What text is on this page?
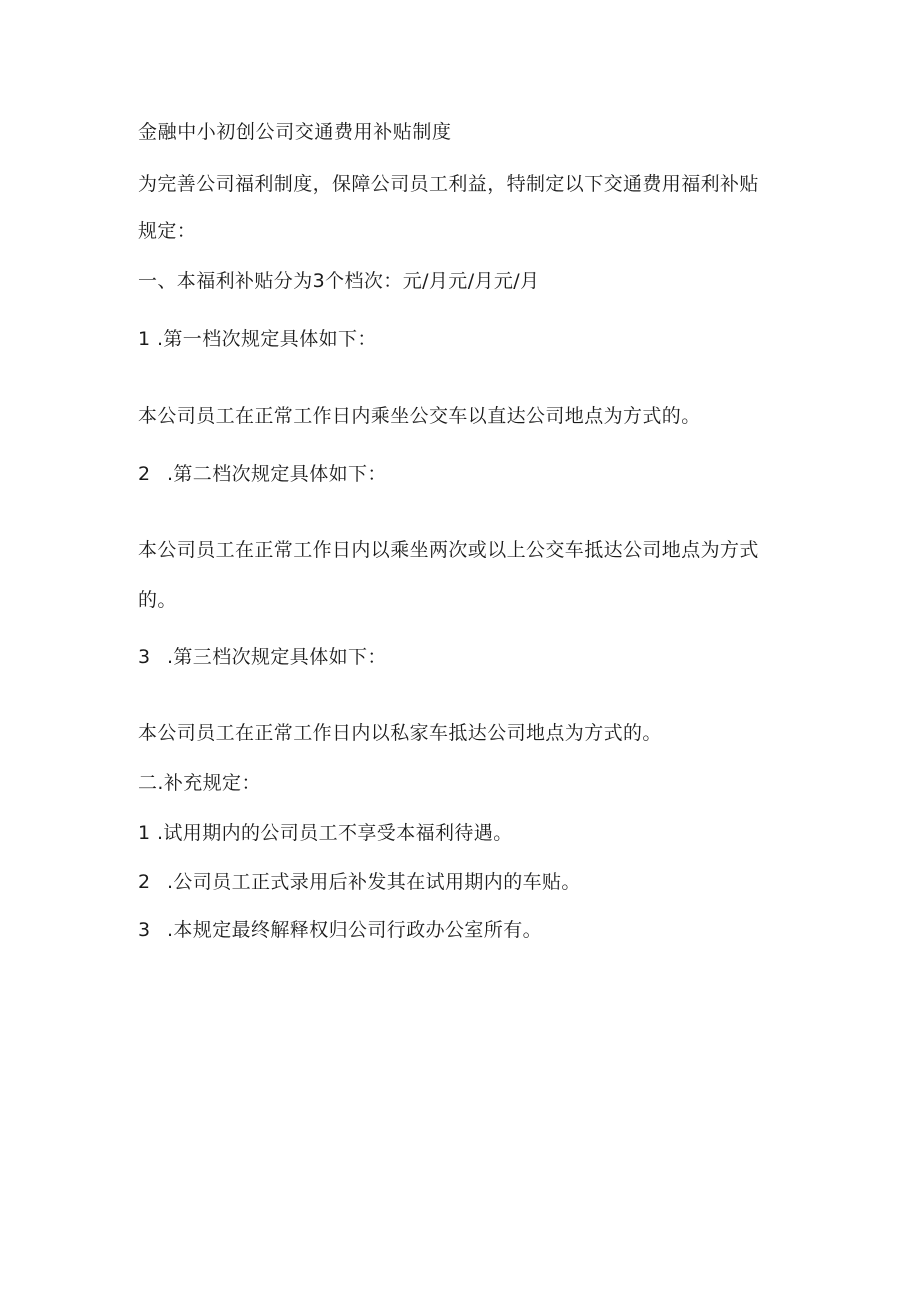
金融中小初创公司交通费用补贴制度
为完善公司福利制度，保障公司员工利益，特制定以下交通费用福利补贴
规定：
一、本福利补贴分为3个档次：元/月元/月元/月
1 .第一档次规定具体如下：
本公司员工在正常工作日内乘坐公交车以直达公司地点为方式的。
2 .第二档次规定具体如下：
本公司员工在正常工作日内以乘坐两次或以上公交车抵达公司地点为方式
的。
3 .第三档次规定具体如下：
本公司员工在正常工作日内以私家车抵达公司地点为方式的。
二.补充规定：
1 .试用期内的公司员工不享受本福利待遇。
2 .公司员工正式录用后补发其在试用期内的车贴。
3 .本规定最终解释权归公司行政办公室所有。
